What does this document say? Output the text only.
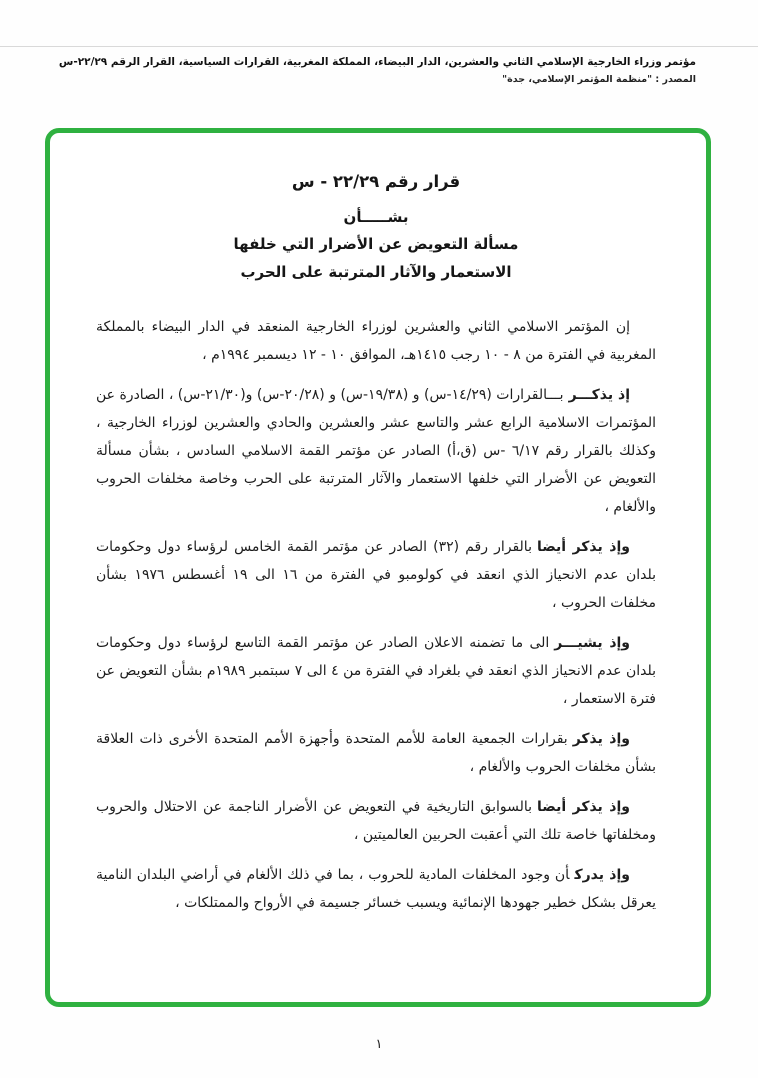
مؤتمر وزراء الخارجية الإسلامي الثاني والعشرين، الدار البيضاء، المملكة المغربية، القرارات السياسية، القرار الرقم ٢٢/٢٩-س
المصدر : "منظمة المؤتمر الإسلامي، جدة"
قرار رقم ٢٢/٢٩ - س
بشـــــأن
مسألة التعويض عن الأضرار التي خلفها
الاستعمار والآثار المترتبة على الحرب

إن المؤتمر الاسلامي الثاني والعشرين لوزراء الخارجية المنعقد في الدار البيضاء بالمملكة المغربية في الفترة من ٨ - ١٠ رجب ١٤١٥هـ، الموافق ١٠ - ١٢ ديسمبر ١٩٩٤م ،

إذ يذكـــربـــالقرارات (١٤/٢٩-س) و (١٩/٣٨-س) و (٢٠/٢٨-س) و(٢١/٣٠-س) ، الصادرة عن المؤتمرات الاسلامية الرابع عشر والتاسع عشر والعشرين والحادي والعشرين لوزراء الخارجية ، وكذلك بالقرار رقم ٦/١٧ -س (ق،أ) الصادر عن مؤتمر القمة الاسلامي السادس ، بشأن مسألة التعويض عن الأضرار التي خلفها الاستعمار والآثار المترتبة على الحرب وخاصة مخلفات الحروب والألغام ،

وإذ يذكر أيضابالقرار رقم (٣٢) الصادر عن مؤتمر القمة الخامس لرؤساء دول وحكومات بلدان عدم الانحياز الذي انعقد في كولومبو في الفترة من ١٦ الى ١٩ أغسطس ١٩٧٦ بشأن مخلفات الحروب ،

وإذ يشيـــرالى ما تضمنه الاعلان الصادر عن مؤتمر القمة التاسع لرؤساء دول وحكومات بلدان عدم الانحياز الذي انعقد في بلغراد في الفترة من ٤ الى ٧ سبتمبر ١٩٨٩م بشأن التعويض عن فترة الاستعمار ،

وإذ يذكربقرارات الجمعية العامة للأمم المتحدة وأجهزة الأمم المتحدة الأخرى ذات العلاقة بشأن مخلفات الحروب والألغام ،

وإذ يذكر أيضابالسوابق التاريخية في التعويض عن الأضرار الناجمة عن الاحتلال والحروب ومخلفاتها خاصة تلك التي أعقبت الحربين العالميتين ،

وإذ يدركأن وجود المخلفات المادية للحروب ، بما في ذلك الألغام في أراضي البلدان النامية يعرقل بشكل خطير جهودها الإنمائية ويسبب خسائر جسيمة في الأرواح والممتلكات ،

١
